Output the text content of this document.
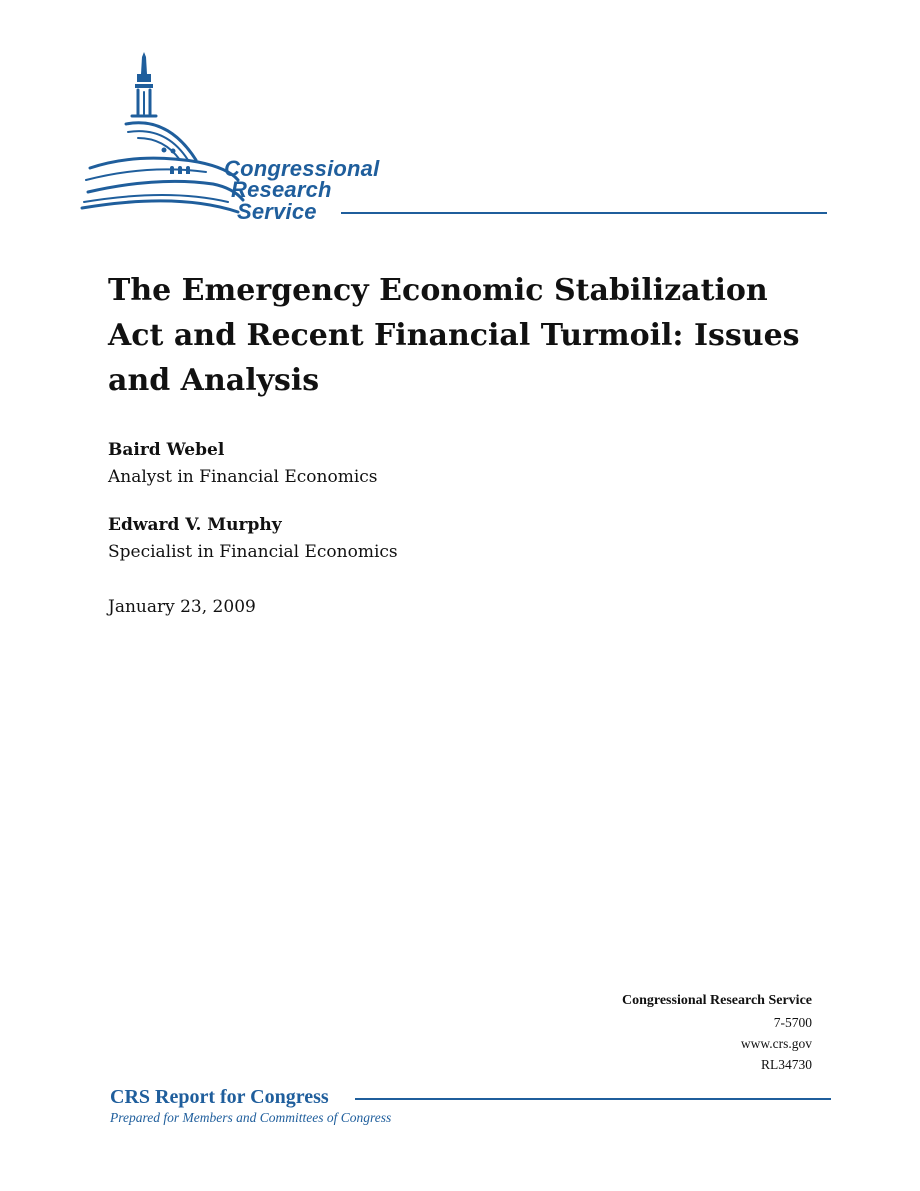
Congressional
Research
Service
The Emergency Economic Stabilization Act and Recent Financial Turmoil: Issues and Analysis
Baird Webel
Analyst in Financial Economics
Edward V. Murphy
Specialist in Financial Economics
January 23, 2009
Congressional Research Service
7-5700
www.crs.gov
RL34730
CRS Report for Congress
Prepared for Members and Committees of Congress
